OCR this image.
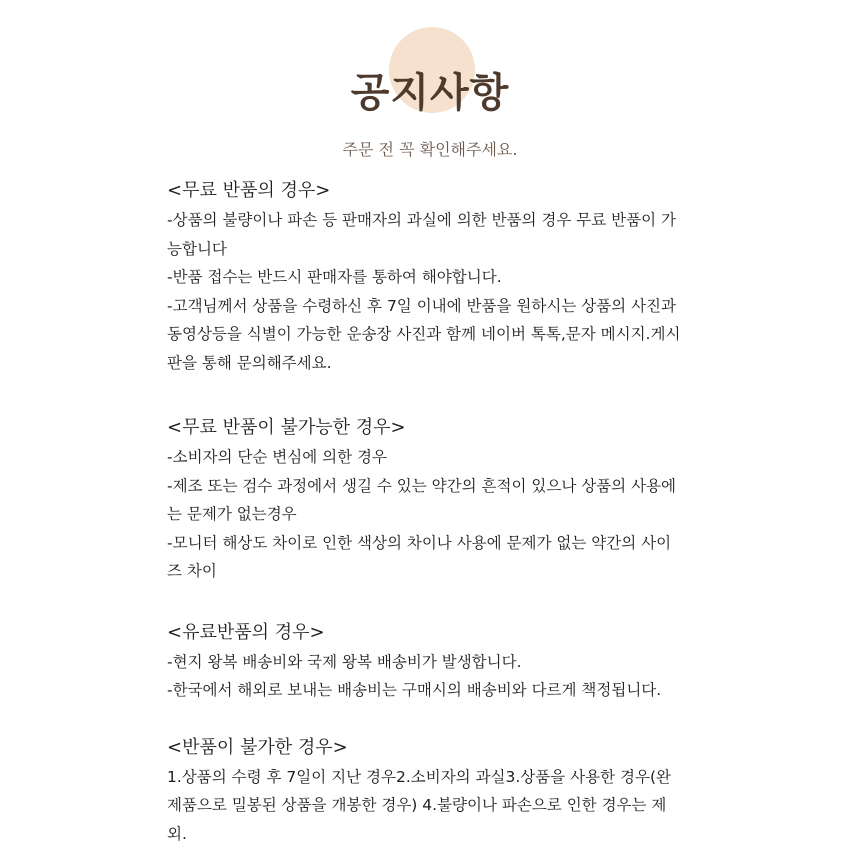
공지사항
주문 전 꼭 확인해주세요.
<무료 반품의 경우>
-상품의 불량이나 파손 등 판매자의 과실에 의한 반품의 경우 무료 반품이 가
능합니다
-반품 접수는 반드시 판매자를 통하여 해야합니다.
-고객님께서 상품을 수령하신 후 7일 이내에 반품을 원하시는 상품의 사진과
동영상등을 식별이 가능한 운송장 사진과 함께 네이버 톡톡,문자 메시지.게시
판을 통해 문의해주세요.
<무료 반품이 불가능한 경우>
-소비자의 단순 변심에 의한 경우
-제조 또는 검수 과정에서 생길 수 있는 약간의 흔적이 있으나 상품의 사용에
는 문제가 없는경우
-모니터 해상도 차이로 인한 색상의 차이나 사용에 문제가 없는 약간의 사이
즈 차이
<유료반품의 경우>
-현지 왕복 배송비와 국제 왕복 배송비가 발생합니다.
-한국에서 해외로 보내는 배송비는 구매시의 배송비와 다르게 책정됩니다.
<반품이 불가한 경우>
1.상품의 수령 후 7일이 지난 경우2.소비자의 과실3.상품을 사용한 경우(완
제품으로 밀봉된 상품을 개봉한 경우) 4.불량이나 파손으로 인한 경우는 제
외.
